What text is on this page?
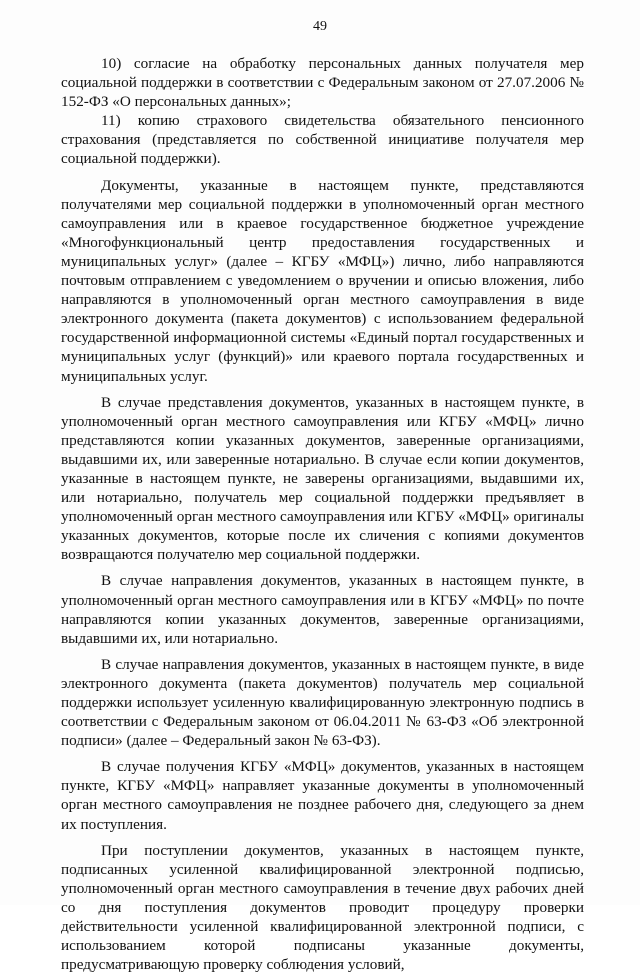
49

10) согласие на обработку персональных данных получателя мер социальной поддержки в соответствии с Федеральным законом от 27.07.2006 № 152-ФЗ «О персональных данных»;

11) копию страхового свидетельства обязательного пенсионного страхования (представляется по собственной инициативе получателя мер социальной поддержки).

Документы, указанные в настоящем пункте, представляются получателями мер социальной поддержки в уполномоченный орган местного самоуправления или в краевое государственное бюджетное учреждение «Многофункциональный центр предоставления государственных и муниципальных услуг» (далее – КГБУ «МФЦ») лично, либо направляются почтовым отправлением с уведомлением о вручении и описью вложения, либо направляются в уполномоченный орган местного самоуправления в виде электронного документа (пакета документов) с использованием федеральной государственной информационной системы «Единый портал государственных и муниципальных услуг (функций)» или краевого портала государственных и муниципальных услуг.

В случае представления документов, указанных в настоящем пункте, в уполномоченный орган местного самоуправления или КГБУ «МФЦ» лично представляются копии указанных документов, заверенные организациями, выдавшими их, или заверенные нотариально. В случае если копии документов, указанные в настоящем пункте, не заверены организациями, выдавшими их, или нотариально, получатель мер социальной поддержки предъявляет в уполномоченный орган местного самоуправления или КГБУ «МФЦ» оригиналы указанных документов, которые после их сличения с копиями документов возвращаются получателю мер социальной поддержки.

В случае направления документов, указанных в настоящем пункте, в уполномоченный орган местного самоуправления или в КГБУ «МФЦ» по почте направляются копии указанных документов, заверенные организациями, выдавшими их, или нотариально.

В случае направления документов, указанных в настоящем пункте, в виде электронного документа (пакета документов) получатель мер социальной поддержки использует усиленную квалифицированную электронную подпись в соответствии с Федеральным законом от 06.04.2011 № 63-ФЗ «Об электронной подписи» (далее – Федеральный закон № 63-ФЗ).

В случае получения КГБУ «МФЦ» документов, указанных в настоящем пункте, КГБУ «МФЦ» направляет указанные документы в уполномоченный орган местного самоуправления не позднее рабочего дня, следующего за днем их поступления.

При поступлении документов, указанных в настоящем пункте, подписанных усиленной квалифицированной электронной подписью, уполномоченный орган местного самоуправления в течение двух рабочих дней со дня поступления документов проводит процедуру проверки действительности усиленной квалифицированной электронной подписи, с использованием которой подписаны указанные документы, предусматривающую проверку соблюдения условий,
